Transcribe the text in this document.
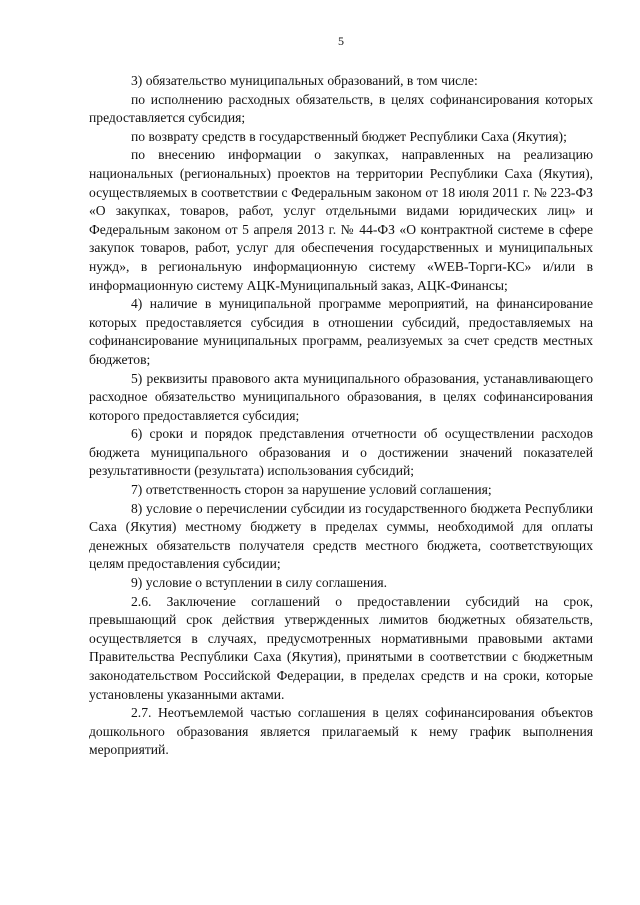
5

3) обязательство муниципальных образований, в том числе:

по исполнению расходных обязательств, в целях софинансирования которых предоставляется субсидия;

по возврату средств в государственный бюджет Республики Саха (Якутия);

по внесению информации о закупках, направленных на реализацию национальных (региональных) проектов на территории Республики Саха (Якутия), осуществляемых в соответствии с Федеральным законом от 18 июля 2011 г. № 223-ФЗ «О закупках, товаров, работ, услуг отдельными видами юридических лиц» и Федеральным законом от 5 апреля 2013 г. № 44-ФЗ «О контрактной системе в сфере закупок товаров, работ, услуг для обеспечения государственных и муниципальных нужд», в региональную информационную систему «WEB-Торги-КС» и/или в информационную систему АЦК-Муниципальный заказ, АЦК-Финансы;

4) наличие в муниципальной программе мероприятий, на финансирование которых предоставляется субсидия в отношении субсидий, предоставляемых на софинансирование муниципальных программ, реализуемых за счет средств местных бюджетов;

5) реквизиты правового акта муниципального образования, устанавливающего расходное обязательство муниципального образования, в целях софинансирования которого предоставляется субсидия;

6) сроки и порядок представления отчетности об осуществлении расходов бюджета муниципального образования и о достижении значений показателей результативности (результата) использования субсидий;

7) ответственность сторон за нарушение условий соглашения;

8) условие о перечислении субсидии из государственного бюджета Республики Саха (Якутия) местному бюджету в пределах суммы, необходимой для оплаты денежных обязательств получателя средств местного бюджета, соответствующих целям предоставления субсидии;

9) условие о вступлении в силу соглашения.

2.6. Заключение соглашений о предоставлении субсидий на срок, превышающий срок действия утвержденных лимитов бюджетных обязательств, осуществляется в случаях, предусмотренных нормативными правовыми актами Правительства Республики Саха (Якутия), принятыми в соответствии с бюджетным законодательством Российской Федерации, в пределах средств и на сроки, которые установлены указанными актами.

2.7. Неотъемлемой частью соглашения в целях софинансирования объектов дошкольного образования является прилагаемый к нему график выполнения мероприятий.
